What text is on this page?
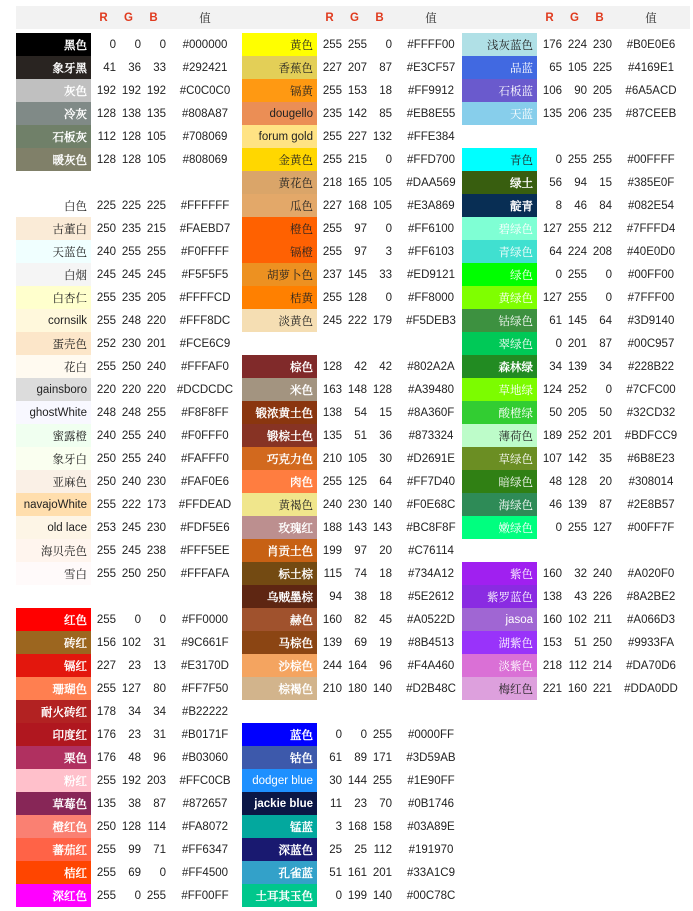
R	G	B	值
黑色	0	0	0	#000000
象牙黑	41	36	33	#292421
灰色 192 192 192	#C0C0C0
冷灰 128 138 135	#808A87
石板灰 112 128 105	#708069
暖灰色 128 128 105	#808069
白色 225 225 225	#FFFFFF
古董白 250 235 215	#FAEBD7
天蓝色 240 255 255	#F0FFFF
白烟 245 245 245	#F5F5F5
白杏仁 255 235 205	#FFFFCD
cornsilk 255 248 220	#FFF8DC
蛋壳色 252 230 201	#FCE6C9
花白 255 250 240	#FFFAF0
gainsboro 220 220 220 #DCDCDC
ghostWhite 248 248 255	#F8F8FF
蜜露橙 240 255 240	#F0FFF0
象牙白 250 255 240	#FAFFF0
亚麻色 250 240 230	#FAF0E6
navajoWhite 255 222 173	#FFDEAD
old lace 253 245 230	#FDF5E6
海贝壳色 255 245 238	#FFF5EE
雪白 255 250 250	#FFFAFA
红色 255	0	0	#FF0000
砖红 156 102	31	#9C661F
镉红 227	23	13	#E3170D
珊瑚色 255 127	80	#FF7F50
耐火砖红 178	34	34	#B22222
印度红 176	23	31	#B0171F
栗色 176	48	96	#B03060
粉红 255 192 203	#FFC0CB
草莓色 135	38	87	#872657
橙红色 250 128 114	#FA8072
蕃茄红 255	99	71	#FF6347
桔红 255	69	0	#FF4500
深红色 255	0 255	#FF00FF
R	G	B	值
黄色 255 255	0	#FFFF00
香蕉色 227 207	87	#E3CF57
镉黄 255 153	18	#FF9912
dougello 235 142	85	#EB8E55
forum gold 255 227 132	#FFE384
金黄色 255 215	0	#FFD700
黄花色 218 165 105	#DAA569
瓜色 227 168 105	#E3A869
橙色 255	97	0	#FF6100
镉橙 255	97	3	#FF6103
胡萝卜色 237 145	33	#ED9121
桔黄 255 128	0	#FF8000
淡黄色 245 222 179	#F5DEB3
棕色 128	42	42	#802A2A
米色 163 148 128	#A39480
锻浓黄土色 138	54	15	#8A360F
锻棕土色 135	51	36	#873324
巧克力色 210 105	30	#D2691E
肉色 255 125	64	#FF7D40
黄褐色 240 230 140	#F0E68C
玫瑰红 188 143 143	#BC8F8F
肖贡土色 199	97	20	#C76114
标土棕 115	74	18	#734A12
乌贼墨棕	94	38	18	#5E2612
赫色 160	82	45	#A0522D
马棕色 139	69	19	#8B4513
沙棕色 244 164	96	#F4A460
棕褐色 210 180 140	#D2B48C
蓝色	0	0 255	#0000FF
钴色	61	89 171	#3D59AB
dodger blue	30 144 255	#1E90FF
jackie blue	11	23	70	#0B1746
锰蓝	3 168 158	#03A89E
深蓝色	25	25 112	#191970
孔雀蓝	51 161 201	#33A1C9
土耳其玉色	0 199 140	#00C78C
R	G	B	值
浅灰蓝色 176 224 230	#B0E0E6
品蓝	65 105 225	#4169E1
石板蓝 106	90 205	#6A5ACD
天蓝 135 206 235	#87CEEB
青色	0 255 255	#00FFFF
绿土	56	94	15	#385E0F
靛青	8	46	84	#082E54
碧绿色 127 255 212	#7FFFD4
青绿色	64 224 208	#40E0D0
绿色	0 255	0	#00FF00
黄绿色 127 255	0	#7FFF00
钴绿色	61 145	64	#3D9140
翠绿色	0 201	87	#00C957
森林绿	34 139	34	#228B22
草地绿 124 252	0	#7CFC00
酸橙绿	50 205	50	#32CD32
薄荷色 189 252 201	#BDFCC9
草绿色 107 142	35	#6B8E23
暗绿色	48 128	20	#308014
海绿色	46 139	87	#2E8B57
嫩绿色	0 255 127	#00FF7F
紫色 160	32 240	#A020F0
紫罗蓝色 138	43 226	#8A2BE2
jasoa 160 102 211	#A066D3
湖紫色 153	51 250	#9933FA
淡紫色 218 112 214	#DA70D6
梅红色 221 160 221	#DDA0DD
